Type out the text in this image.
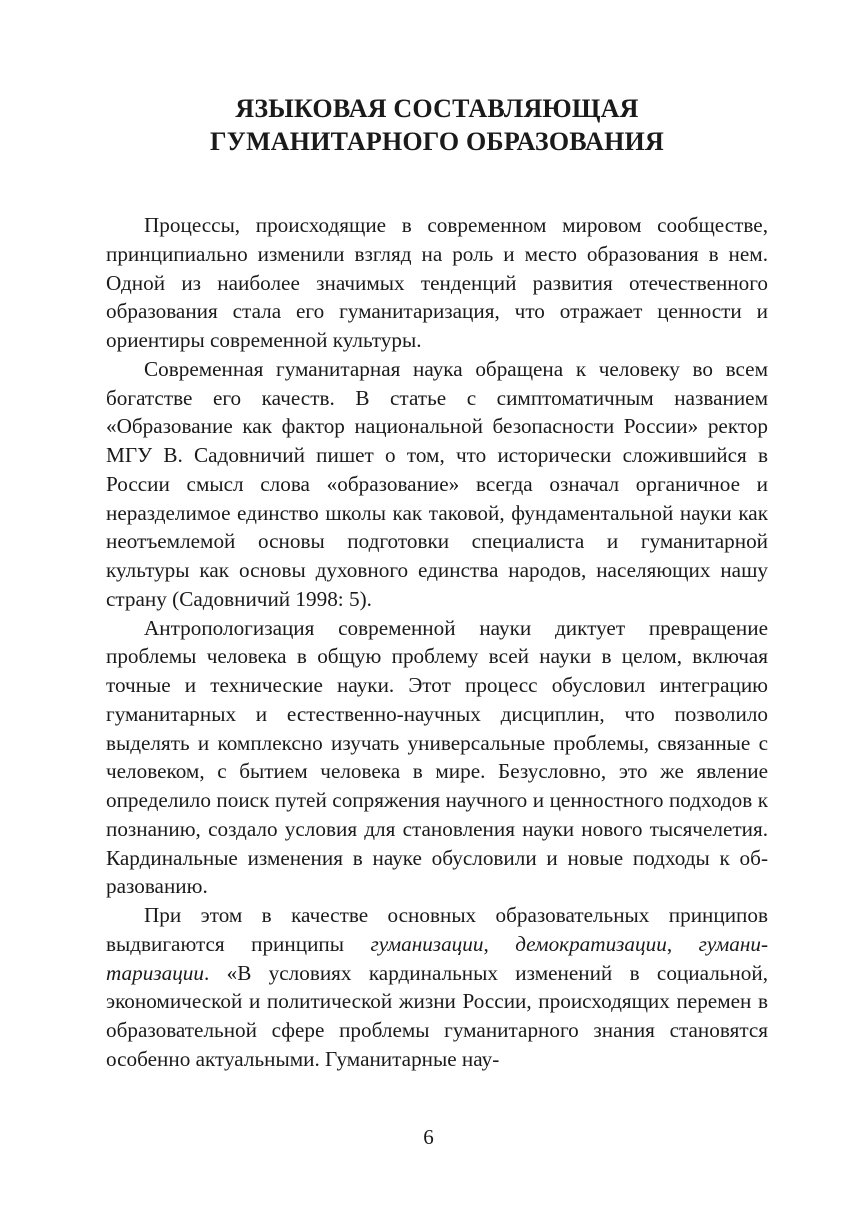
ЯЗЫКОВАЯ СОСТАВЛЯЮЩАЯ
ГУМАНИТАРНОГО ОБРАЗОВАНИЯ

Процессы, происходящие в современном мировом сообществе, принципиально изменили взгляд на роль и место образования в нем. Одной из наиболее значимых тенденций развития отечественного образования стала его гуманитаризация, что отражает ценности и ориентиры современной культуры.

Современная гуманитарная наука обращена к человеку во всем богатстве его качеств. В статье с симптоматичным названием «Образование как фактор национальной безопасности России» ректор МГУ В. Садовничий пишет о том, что исторически сложившийся в России смысл слова «образование» всегда означал органичное и неразделимое единство школы как таковой, фундаментальной науки как неотъемлемой основы подготовки специалиста и гуманитарной культуры как основы духовного единства народов, населяющих нашу страну (Садовничий 1998: 5).

Антропологизация современной науки диктует превращение проблемы человека в общую проблему всей науки в целом, включая точные и технические науки. Этот процесс обусловил интеграцию гуманитарных и естественно-научных дисциплин, что позволило выделять и комплексно изучать универсальные проблемы, связанные с человеком, с бытием человека в мире. Безусловно, это же явление определило поиск путей сопряжения научного и ценностного подходов к познанию, создало условия для становления науки нового тысячелетия. Кардинальные изменения в науке обусловили и новые подходы к образованию.

При этом в качестве основных образовательных принципов выдвигаются принципы гуманизации, демократизации, гуманитаризации. «В условиях кардинальных изменений в социальной, экономической и политической жизни России, происходящих перемен в образовательной сфере проблемы гуманитарного знания становятся особенно актуальными. Гуманитарные нау-

6
